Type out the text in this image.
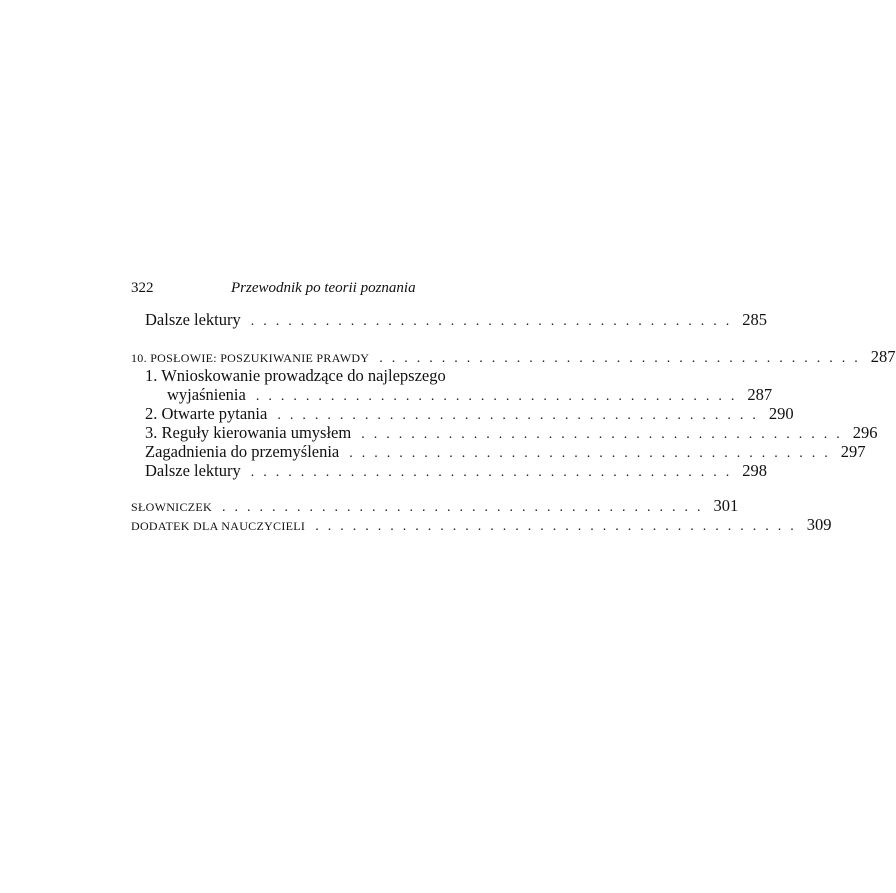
322	Przewodnik po teorii poznania
Dalsze lektury ....................................... 285
10. POSŁOWIE: POSZUKIWANIE PRAWDY ....................................... 287
1. Wnioskowanie prowadzące do najlepszego
wyjaśnienia ....................................... 287
2. Otwarte pytania ....................................... 290
3. Reguły kierowania umysłem ....................................... 296
Zagadnienia do przemyślenia ....................................... 297
Dalsze lektury ....................................... 298
SŁOWNICZEK ....................................... 301
DODATEK DLA NAUCZYCIELI ....................................... 309
